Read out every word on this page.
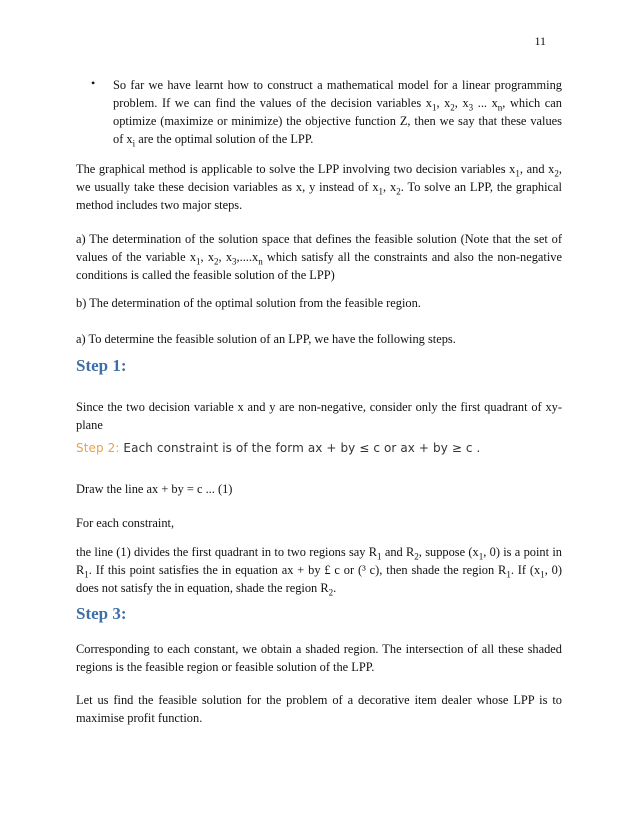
11
• So far we have learnt how to construct a mathematical model for a linear programming problem. If we can find the values of the decision variables $x_1$, $x_2$, $x_3$ ... $x_n$, which can optimize (maximize or minimize) the objective function Z, then we say that these values of $x_i$ are the optimal solution of the LPP.
The graphical method is applicable to solve the LPP involving two decision variables $x_1$, and $x_2$, we usually take these decision variables as x, y instead of $x_1$, $x_2$. To solve an LPP, the graphical method includes two major steps.
a) The determination of the solution space that defines the feasible solution (Note that the set of values of the variable $x_1$, $x_2$, $x_3,....x_n$ which satisfy all the constraints and also the non-negative conditions is called the feasible solution of the LPP)
b) The determination of the optimal solution from the feasible region.
a) To determine the feasible solution of an LPP, we have the following steps.
Step 1:
Since the two decision variable x and y are non-negative, consider only the first quadrant of xy-plane
Step 2: Each constraint is of the form ax + by ≤ c or ax + by ≥ c .
Draw the line ax + by = c ... (1)
For each constraint,
the line (1) divides the first quadrant in to two regions say $R_1$ and $R_2$, suppose ($x_1$, 0) is a point in $R_1$. If this point satisfies the in equation ax + by £ c or (³ c), then shade the region $R_1$. If ($x_1$, 0) does not satisfy the in equation, shade the region $R_2$.
Step 3:
Corresponding to each constant, we obtain a shaded region. The intersection of all these shaded regions is the feasible region or feasible solution of the LPP.
Let us find the feasible solution for the problem of a decorative item dealer whose LPP is to maximise profit function.
